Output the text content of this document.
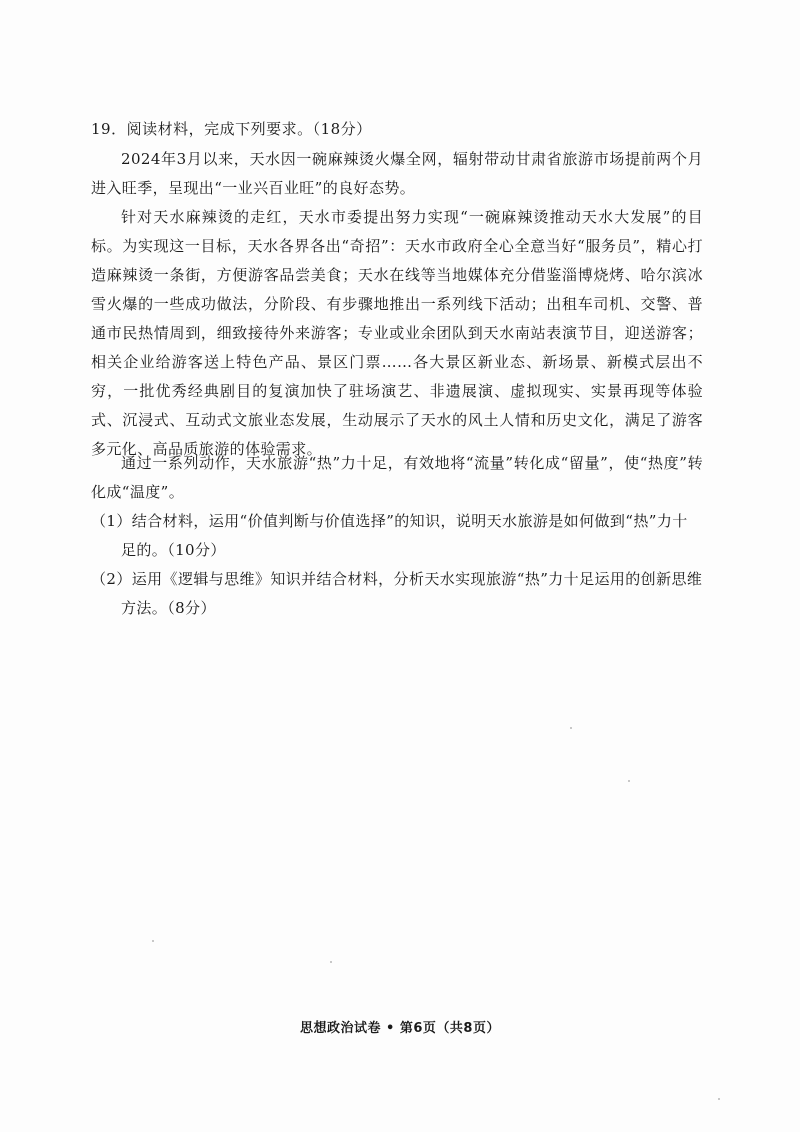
19．阅读材料，完成下列要求。（18分）
2024年3月以来，天水因一碗麻辣烫火爆全网，辐射带动甘肃省旅游市场提前两个月进入旺季，呈现出“一业兴百业旺”的良好态势。
针对天水麻辣烫的走红，天水市委提出努力实现“一碗麻辣烫推动天水大发展”的目标。为实现这一目标，天水各界各出“奇招”：天水市政府全心全意当好“服务员”，精心打造麻辣烫一条街，方便游客品尝美食；天水在线等当地媒体充分借鉴淄博烧烤、哈尔滨冰雪火爆的一些成功做法，分阶段、有步骤地推出一系列线下活动；出租车司机、交警、普通市民热情周到，细致接待外来游客；专业或业余团队到天水南站表演节目，迎送游客；相关企业给游客送上特色产品、景区门票……各大景区新业态、新场景、新模式层出不穷，一批优秀经典剧目的复演加快了驻场演艺、非遗展演、虚拟现实、实景再现等体验式、沉浸式、互动式文旅业态发展，生动展示了天水的风土人情和历史文化，满足了游客多元化、高品质旅游的体验需求。
通过一系列动作，天水旅游“热”力十足，有效地将“流量”转化成“留量”，使“热度”转化成“温度”。
（1）结合材料，运用“价值判断与价值选择”的知识，说明天水旅游是如何做到“热”力十足的。（10分）
（2）运用《逻辑与思维》知识并结合材料，分析天水实现旅游“热”力十足运用的创新思维方法。（8分）
思想政治试卷 • 第6页（共8页）
